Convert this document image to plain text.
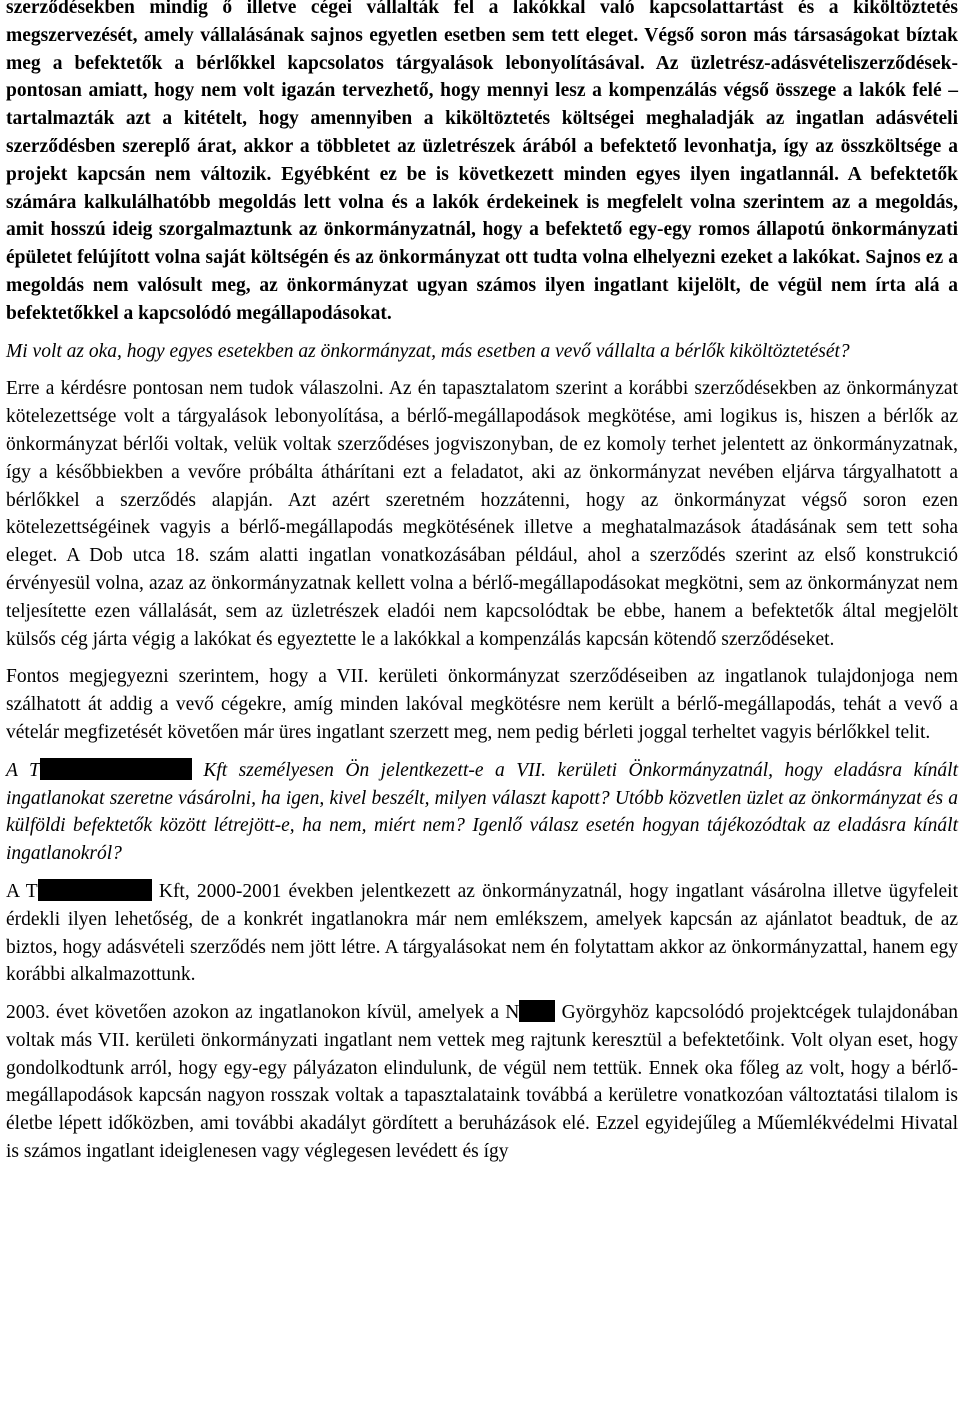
szerződésekben mindig ő illetve cégei vállalták fel a lakókkal való kapcsolattartást és a kiköltöztetés megszervezését, amely vállalásának sajnos egyetlen esetben sem tett eleget. Végső soron más társaságokat bíztak meg a befektetők a bérlőkkel kapcsolatos tárgyalások lebonyolításával. Az üzletrész-adásvételiszerződések- pontosan amiatt, hogy nem volt igazán tervezhető, hogy mennyi lesz a kompenzálás végső összege a lakók felé – tartalmazták azt a kitételt, hogy amennyiben a kiköltöztetés költségei meghaladják az ingatlan adásvételi szerződésben szereplő árat, akkor a többletet az üzletrészek árából a befektető levonhatja, így az összköltsége a projekt kapcsán nem változik. Egyébként ez be is következett minden egyes ilyen ingatlannál. A befektetők számára kalkulálhatóbb megoldás lett volna és a lakók érdekeinek is megfelelt volna szerintem az a megoldás, amit hosszú ideig szorgalmaztunk az önkormányzatnál, hogy a befektető egy-egy romos állapotú önkormányzati épületet felújított volna saját költségén és az önkormányzat ott tudta volna elhelyezni ezeket a lakókat. Sajnos ez a megoldás nem valósult meg, az önkormányzat ugyan számos ilyen ingatlant kijelölt, de végül nem írta alá a befektetőkkel a kapcsolódó megállapodásokat.

Mi volt az oka, hogy egyes esetekben az önkormányzat, más esetben a vevő vállalta a bérlők kiköltöztetését?

Erre a kérdésre pontosan nem tudok válaszolni. Az én tapasztalatom szerint a korábbi szerződésekben az önkormányzat kötelezettsége volt a tárgyalások lebonyolítása, a bérlő-megállapodások megkötése, ami logikus is, hiszen a bérlők az önkormányzat bérlői voltak, velük voltak szerződéses jogviszonyban, de ez komoly terhet jelentett az önkormányzatnak, így a későbbiekben a vevőre próbálta áthárítani ezt a feladatot, aki az önkormányzat nevében eljárva tárgyalhatott a bérlőkkel a szerződés alapján. Azt azért szeretném hozzátenni, hogy az önkormányzat végső soron ezen kötelezettségéinek vagyis a bérlő-megállapodás megkötésének illetve a meghatalmazások átadásának sem tett soha eleget. A Dob utca 18. szám alatti ingatlan vonatkozásában például, ahol a szerződés szerint az első konstrukció érvényesül volna, azaz az önkormányzatnak kellett volna a bérlő-megállapodásokat megkötni, sem az önkormányzat nem teljesítette ezen vállalását, sem az üzletrészek eladói nem kapcsolódtak be ebbe, hanem a befektetők által megjelölt külsős cég járta végig a lakókat és egyeztette le a lakókkal a kompenzálás kapcsán kötendő szerződéseket.

Fontos megjegyezni szerintem, hogy a VII. kerületi önkormányzat szerződéseiben az ingatlanok tulajdonjoga nem szálhatott át addig a vevő cégekre, amíg minden lakóval megkötésre nem került a bérlő-megállapodás, tehát a vevő a vételár megfizetését követően már üres ingatlant szerzett meg, nem pedig bérleti joggal terheltet vagyis bérlőkkel telit.

A T	Kft személyesen Ön jelentkezett-e a VII. kerületi Önkormányzatnál, hogy eladásra kínált ingatlanokat szeretne vásárolni, ha igen, kivel beszélt, milyen választ kapott? Utóbb közvetlen üzlet az önkormányzat és a külföldi befektetők között létrejött-e, ha nem, miért nem? Igenlő válasz esetén hogyan tájékozódtak az eladásra kínált ingatlanokról?

A T	Kft, 2000-2001 években jelentkezett az önkormányzatnál, hogy ingatlant vásárolna illetve ügyfeleit érdekli ilyen lehetőség, de a konkrét ingatlanokra már nem emlékszem, amelyek kapcsán az ajánlatot beadtuk, de az biztos, hogy adásvételi szerződés nem jött létre. A tárgyalásokat nem én folytattam akkor az önkormányzattal, hanem egy korábbi alkalmazottunk.

2003. évet követően azokon az ingatlanokon kívül, amelyek a N Györgyhöz kapcsolódó projektcégek tulajdonában voltak más VII. kerületi önkormányzati ingatlant nem vettek meg rajtunk keresztül a befektetőink. Volt olyan eset, hogy gondolkodtunk arról, hogy egy-egy pályázaton elindulunk, de végül nem tettük. Ennek oka főleg az volt, hogy a bérlő-megállapodások kapcsán nagyon rosszak voltak a tapasztalataink továbbá a kerületre vonatkozóan változtatási tilalom is életbe lépett időközben, ami további akadályt gördített a beruházások elé. Ezzel egyidejűleg a Műemlékvédelmi Hivatal is számos ingatlant ideiglenesen vagy véglegesen levédett és így
